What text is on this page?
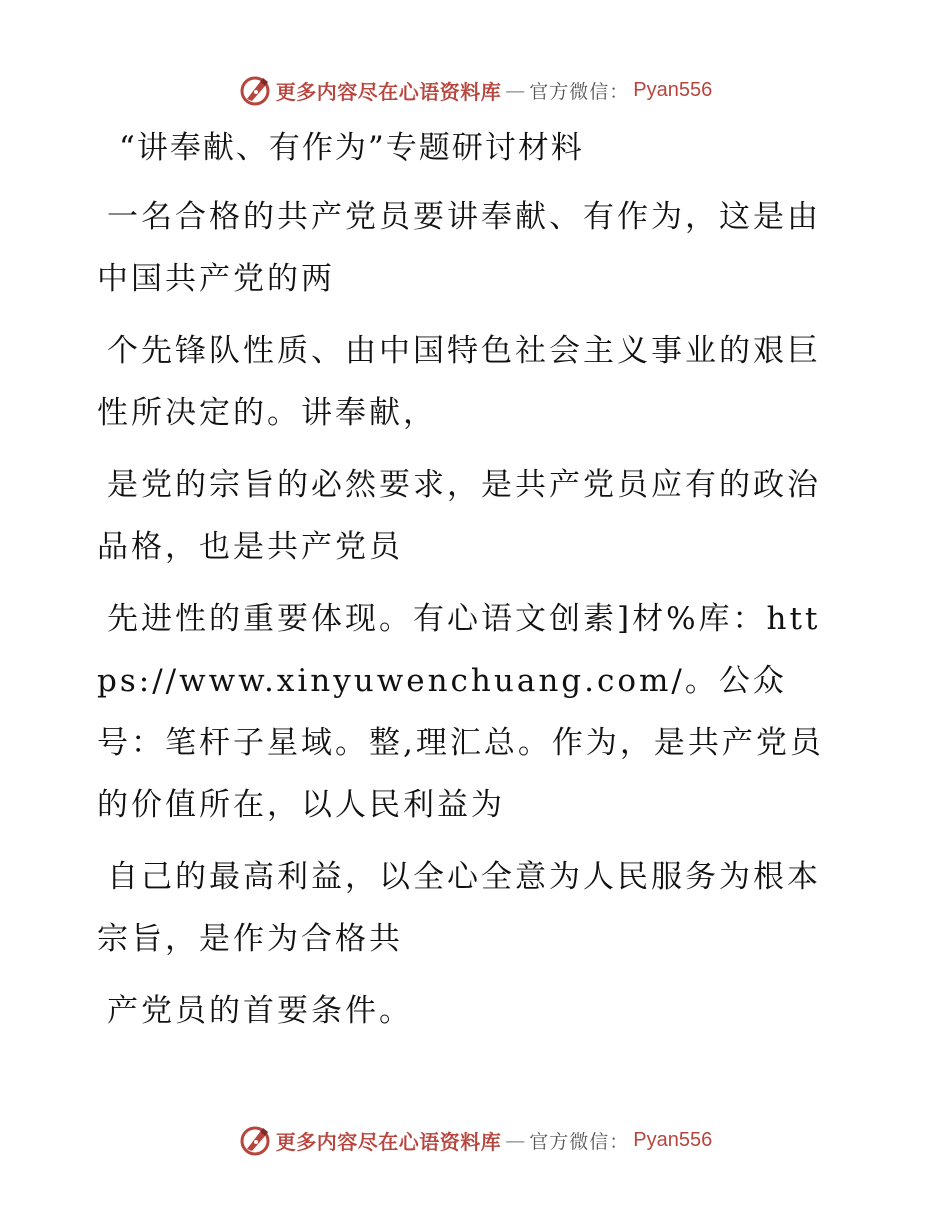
更多内容尽在心语资料库 — 官方微信： Pyan556
“讲奉献、有作为”专题研讨材料

一名合格的共产党员要讲奉献、有作为，这是由中国共产党的两

个先锋队性质、由中国特色社会主义事业的艰巨性所决定的。讲奉献，

是党的宗旨的必然要求，是共产党员应有的政治品格，也是共产党员

先进性的重要体现。有心语文创素]材%库：https://www.xinyuwenchuang.com/。公众号：笔杆子星域。整,理汇总。作为，是共产党员的价值所在，以人民利益为

自己的最高利益，以全心全意为人民服务为根本宗旨，是作为合格共

产党员的首要条件。

更多内容尽在心语资料库 — 官方微信： Pyan556
